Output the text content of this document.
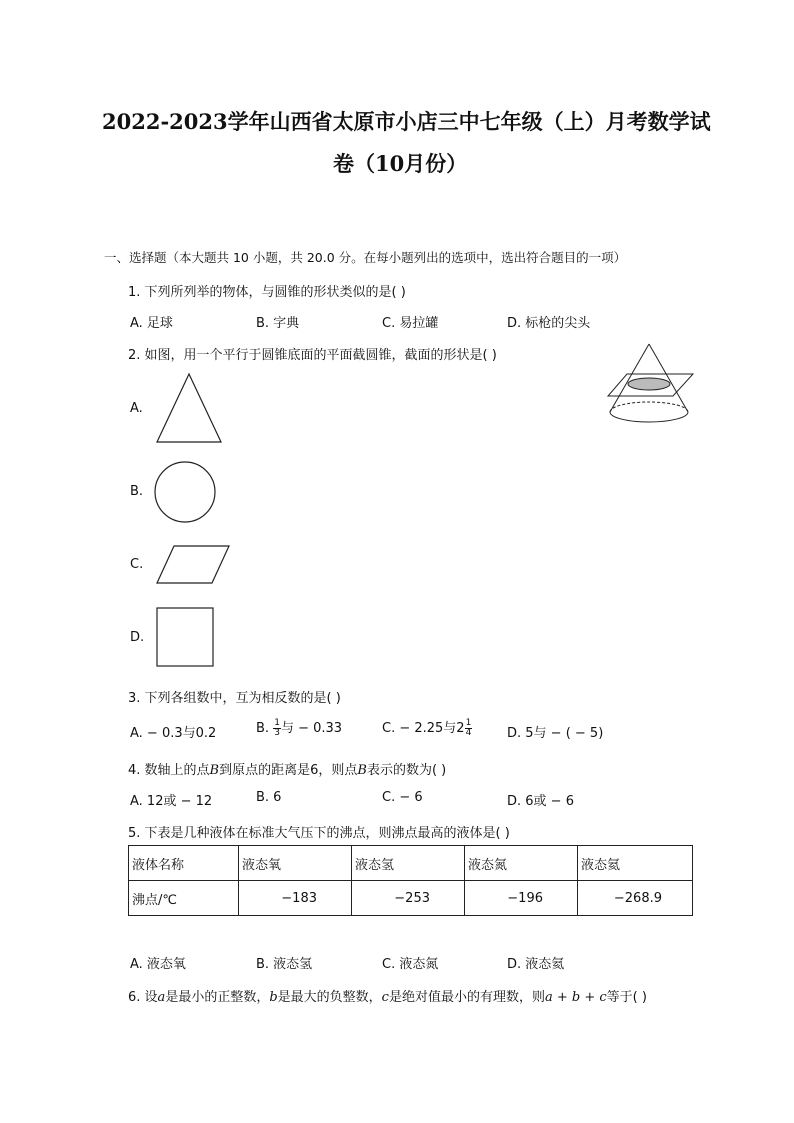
2022-2023学年山西省太原市小店三中七年级（上）月考数学试
卷（10月份）
一、选择题（本大题共 10 小题，共 20.0 分。在每小题列出的选项中，选出符合题目的一项）
1. 下列所列举的物体，与圆锥的形状类似的是( )
A. 足球	B. 字典	C. 易拉罐	D. 标枪的尖头
2. 如图，用一个平行于圆锥底面的平面截圆锥，截面的形状是( )
A.
B.
C.
D.
3. 下列各组数中，互为相反数的是( )
A. − 0.3与0.2	B. $\frac{1}{3}$ 与 − 0.33	C. − 2.25与$2 \frac{1}{4}$	D. 5与 − ( − 5)
4. 数轴上的点B到原点的距离是6，则点B表示的数为( )
A. 12或 − 12	B. 6	C. − 6	D. 6或 − 6
5. 下表是几种液体在标准大气压下的沸点，则沸点最高的液体是( )
液体名称	液态氧	液态氢	液态氮	液态氦
沸点/℃	−183	−253	−196	−268.9
A. 液态氧	B. 液态氢	C. 液态氮	D. 液态氦
6. 设a是最小的正整数，b是最大的负整数，c是绝对值最小的有理数，则a + b + c等于( )
